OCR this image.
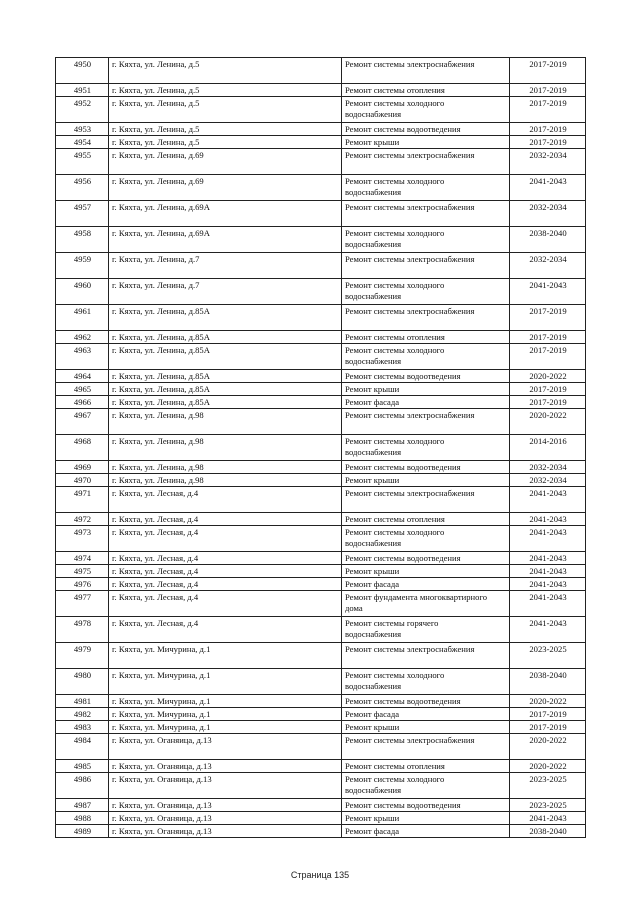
4950	г. Кяхта, ул. Ленина, д.5	Ремонт системы электроснабжения	2017-2019
4951	г. Кяхта, ул. Ленина, д.5	Ремонт системы отопления	2017-2019
4952	г. Кяхта, ул. Ленина, д.5	Ремонт системы холодного
водоснабжения	2017-2019
4953	г. Кяхта, ул. Ленина, д.5	Ремонт системы водоотведения	2017-2019
4954	г. Кяхта, ул. Ленина, д.5	Ремонт крыши	2017-2019
4955	г. Кяхта, ул. Ленина, д.69	Ремонт системы электроснабжения	2032-2034
4956	г. Кяхта, ул. Ленина, д.69	Ремонт системы холодного
водоснабжения	2041-2043
4957	г. Кяхта, ул. Ленина, д.69А	Ремонт системы электроснабжения	2032-2034
4958	г. Кяхта, ул. Ленина, д.69А	Ремонт системы холодного
водоснабжения	2038-2040
4959	г. Кяхта, ул. Ленина, д.7	Ремонт системы электроснабжения	2032-2034
4960	г. Кяхта, ул. Ленина, д.7	Ремонт системы холодного
водоснабжения	2041-2043
4961	г. Кяхта, ул. Ленина, д.85А	Ремонт системы электроснабжения	2017-2019
4962	г. Кяхта, ул. Ленина, д.85А	Ремонт системы отопления	2017-2019
4963	г. Кяхта, ул. Ленина, д.85А	Ремонт системы холодного
водоснабжения	2017-2019
4964	г. Кяхта, ул. Ленина, д.85А	Ремонт системы водоотведения	2020-2022
4965	г. Кяхта, ул. Ленина, д.85А	Ремонт крыши	2017-2019
4966	г. Кяхта, ул. Ленина, д.85А	Ремонт фасада	2017-2019
4967	г. Кяхта, ул. Ленина, д.98	Ремонт системы электроснабжения	2020-2022
4968	г. Кяхта, ул. Ленина, д.98	Ремонт системы холодного
водоснабжения	2014-2016
4969	г. Кяхта, ул. Ленина, д.98	Ремонт системы водоотведения	2032-2034
4970	г. Кяхта, ул. Ленина, д.98	Ремонт крыши	2032-2034
4971	г. Кяхта, ул. Лесная, д.4	Ремонт системы электроснабжения	2041-2043
4972	г. Кяхта, ул. Лесная, д.4	Ремонт системы отопления	2041-2043
4973	г. Кяхта, ул. Лесная, д.4	Ремонт системы холодного
водоснабжения	2041-2043
4974	г. Кяхта, ул. Лесная, д.4	Ремонт системы водоотведения	2041-2043
4975	г. Кяхта, ул. Лесная, д.4	Ремонт крыши	2041-2043
4976	г. Кяхта, ул. Лесная, д.4	Ремонт фасада	2041-2043
4977	г. Кяхта, ул. Лесная, д.4	Ремонт фундамента многоквартирного
дома	2041-2043
4978	г. Кяхта, ул. Лесная, д.4	Ремонт системы горячего
водоснабжения	2041-2043
4979	г. Кяхта, ул. Мичурина, д.1	Ремонт системы электроснабжения	2023-2025
4980	г. Кяхта, ул. Мичурина, д.1	Ремонт системы холодного
водоснабжения	2038-2040
4981	г. Кяхта, ул. Мичурина, д.1	Ремонт системы водоотведения	2020-2022
4982	г. Кяхта, ул. Мичурина, д.1	Ремонт фасада	2017-2019
4983	г. Кяхта, ул. Мичурина, д.1	Ремонт крыши	2017-2019
4984	г. Кяхта, ул. Оганяица, д.13	Ремонт системы электроснабжения	2020-2022
4985	г. Кяхта, ул. Оганяица, д.13	Ремонт системы отопления	2020-2022
4986	г. Кяхта, ул. Оганяица, д.13	Ремонт системы холодного
водоснабжения	2023-2025
4987	г. Кяхта, ул. Оганяица, д.13	Ремонт системы водоотведения	2023-2025
4988	г. Кяхта, ул. Оганяица, д.13	Ремонт крыши	2041-2043
4989	г. Кяхта, ул. Оганяица, д.13	Ремонт фасада	2038-2040
Страница 135
